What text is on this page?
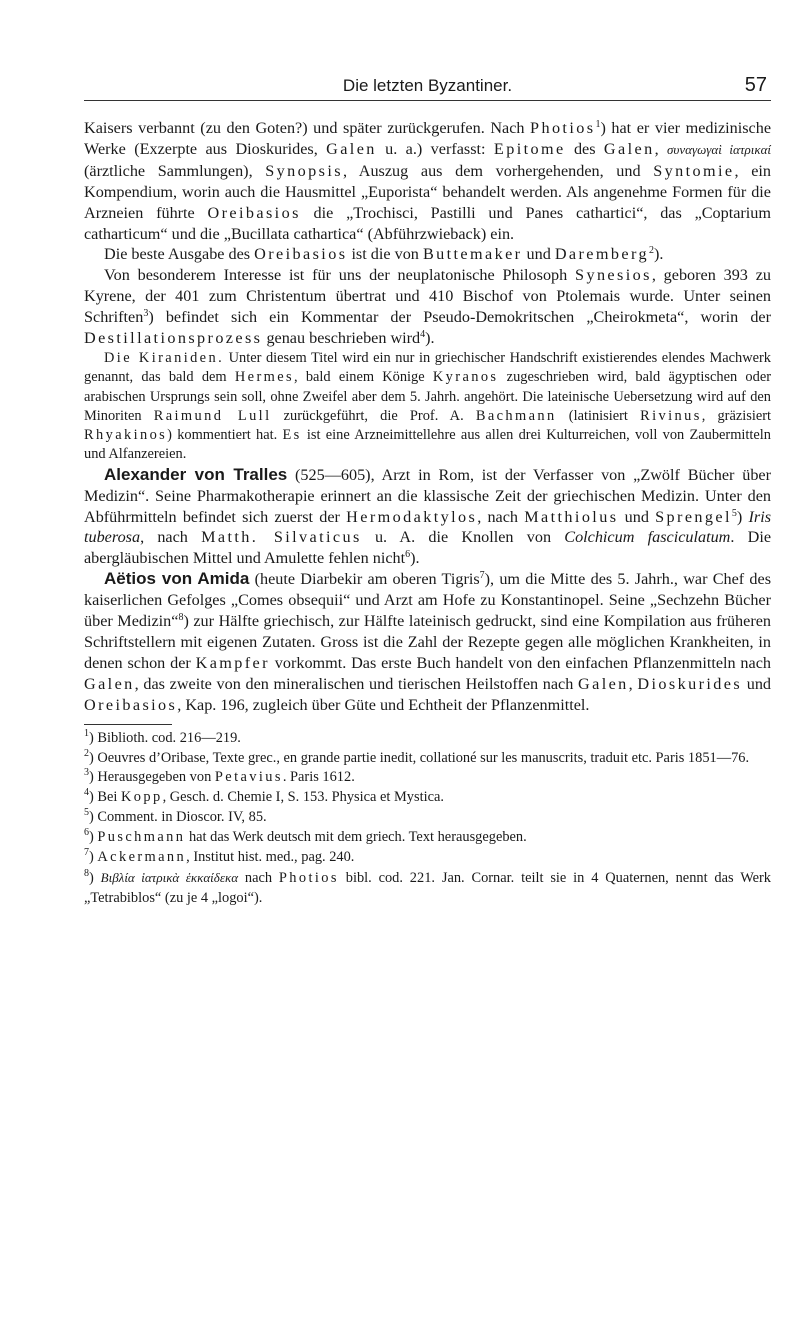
Die letzten Byzantiner.	57

Kaisers verbannt (zu den Goten?) und später zurückgerufen. Nach Photios$^1$) hat er vier medizinische Werke (Exzerpte aus Dioskurides, Galen u. a.) verfasst: Epitome des Galen, συναγωγαὶ ἰατρικαί (ärztliche Sammlungen), Synopsis, Auszug aus dem vorhergehenden, und Syntomie, ein Kompendium, worin auch die Hausmittel „Euporista“ behandelt werden. Als angenehme Formen für die Arzneien führte Oreibasios die „Trochisci, Pastilli und Panes cathartici“, das „Coptarium catharticum“ und die „Bucillata cathartica“ (Abführzwieback) ein.

Die beste Ausgabe des Oreibasios ist die von Buttemaker und Daremberg$^2$).

Von besonderem Interesse ist für uns der neuplatonische Philosoph Synesios, geboren 393 zu Kyrene, der 401 zum Christentum übertrat und 410 Bischof von Ptolemais wurde. Unter seinen Schriften$^3$) befindet sich ein Kommentar der Pseudo-Demokritschen „Cheirokmeta“, worin der Destillationsprozess genau beschrieben wird$^4$).

Die Kiraniden. Unter diesem Titel wird ein nur in griechischer Handschrift existierendes elendes Machwerk genannt, das bald dem Hermes, bald einem Könige Kyranos zugeschrieben wird, bald ägyptischen oder arabischen Ursprungs sein soll, ohne Zweifel aber dem 5. Jahrh. angehört. Die lateinische Uebersetzung wird auf den Minoriten Raimund Lull zurückgeführt, die Prof. A. Bachmann (latinisiert Rivinus, gräzisiert Rhyakinos) kommentiert hat. Es ist eine Arzneimittellehre aus allen drei Kulturreichen, voll von Zaubermitteln und Alfanzereien.

Alexander von Tralles (525—605), Arzt in Rom, ist der Verfasser von „Zwölf Bücher über Medizin“. Seine Pharmakotherapie erinnert an die klassische Zeit der griechischen Medizin. Unter den Abführmitteln befindet sich zuerst der Hermodaktylos, nach Matthiolus und Sprengel$^5$) Iris tuberosa, nach Matth. Silvaticus u. A. die Knollen von Colchicum fasciculatum. Die abergläubischen Mittel und Amulette fehlen nicht$^6$).

Aëtios von Amida (heute Diarbekir am oberen Tigris$^7$), um die Mitte des 5. Jahrh., war Chef des kaiserlichen Gefolges „Comes obsequii“ und Arzt am Hofe zu Konstantinopel. Seine „Sechzehn Bücher über Medizin“$^8$) zur Hälfte griechisch, zur Hälfte lateinisch gedruckt, sind eine Kompilation aus früheren Schriftstellern mit eigenen Zutaten. Gross ist die Zahl der Rezepte gegen alle möglichen Krankheiten, in denen schon der Kampfer vorkommt. Das erste Buch handelt von den einfachen Pflanzenmitteln nach Galen, das zweite von den mineralischen und tierischen Heilstoffen nach Galen, Dioskurides und Oreibasios, Kap. 196, zugleich über Güte und Echtheit der Pflanzenmittel.

$^1$) Biblioth. cod. 216—219.

$^2$) Oeuvres d’Oribase, Texte grec., en grande partie inedit, collationé sur les manuscrits, traduit etc. Paris 1851—76.

$^3$) Herausgegeben von Petavius. Paris 1612.

$^4$) Bei Kopp, Gesch. d. Chemie I, S. 153. Physica et Mystica.

$^5$) Comment. in Dioscor. IV, 85.

$^6$) Puschmann hat das Werk deutsch mit dem griech. Text herausgegeben.

$^7$) Ackermann, Institut hist. med., pag. 240.

$^8$) Βιβλία ἰατρικὰ ἑκκαίδεκα nach Photios bibl. cod. 221. Jan. Cornar. teilt sie in 4 Quaternen, nennt das Werk „Tetrabiblos“ (zu je 4 „logoi“).
